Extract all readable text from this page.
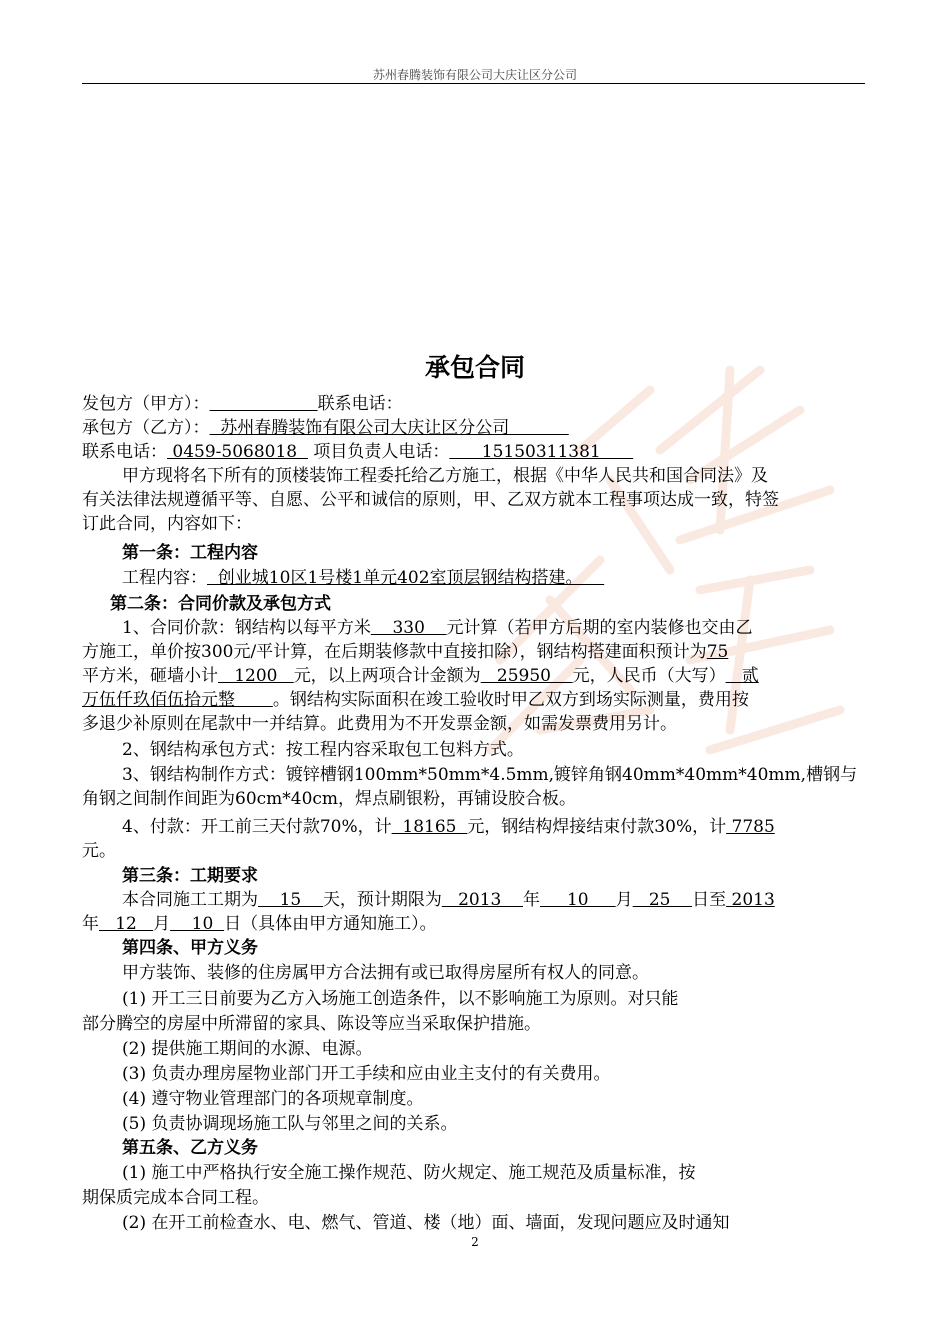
苏州春腾装饰有限公司大庆让区分公司
承包合同
发包方（甲方）：	联系电话：
承包方（乙方）：  苏州春腾装饰有限公司大庆让区分公司
联系电话： 0459-5068018   项目负责人电话：      15150311381
甲方现将名下所有的顶楼装饰工程委托给乙方施工，根据《中华人民共和国合同法》及
有关法律法规遵循平等、自愿、公平和诚信的原则，甲、乙双方就本工程事项达成一致，特签
订此合同，内容如下：
第一条：工程内容
工程内容：  创业城10区1号楼1单元402室顶层钢结构搭建。
第二条：合同价款及承包方式
1、合同价款：钢结构以每平方米    330    元计算（若甲方后期的室内装修也交由乙
方施工，单价按300元/平计算，在后期装修款中直接扣除），钢结构搭建面积预计为75
平方米，砸墙小计   1200   元，以上两项合计金额为   25950    元，人民币（大写）   贰
万伍仟玖佰伍拾元整       。钢结构实际面积在竣工验收时甲乙双方到场实际测量，费用按
多退少补原则在尾款中一并结算。此费用为不开发票金额，如需发票费用另计。
2、钢结构承包方式：按工程内容采取包工包料方式。
3、钢结构制作方式：镀锌槽钢100mm*50mm*4.5mm,镀锌角钢40mm*40mm*40mm,槽钢与
角钢之间制作间距为60cm*40cm，焊点刷银粉，再铺设胶合板。
4、付款：开工前三天付款70%，计  18165  元，钢结构焊接结束付款30%，计 7785
元。
第三条：工期要求
本合同施工工期为    15    天，预计期限为   2013    年     10     月   25    日至 2013
年   12   月    10  日（具体由甲方通知施工）。
第四条、甲方义务
甲方装饰、装修的住房属甲方合法拥有或已取得房屋所有权人的同意。
(1) 开工三日前要为乙方入场施工创造条件，以不影响施工为原则。对只能
部分腾空的房屋中所滞留的家具、陈设等应当采取保护措施。
(2) 提供施工期间的水源、电源。
(3) 负责办理房屋物业部门开工手续和应由业主支付的有关费用。
(4) 遵守物业管理部门的各项规章制度。
(5) 负责协调现场施工队与邻里之间的关系。
第五条、乙方义务
(1) 施工中严格执行安全施工操作规范、防火规定、施工规范及质量标准，按
期保质完成本合同工程。
(2) 在开工前检查水、电、燃气、管道、楼（地）面、墙面，发现问题应及时通知
2
